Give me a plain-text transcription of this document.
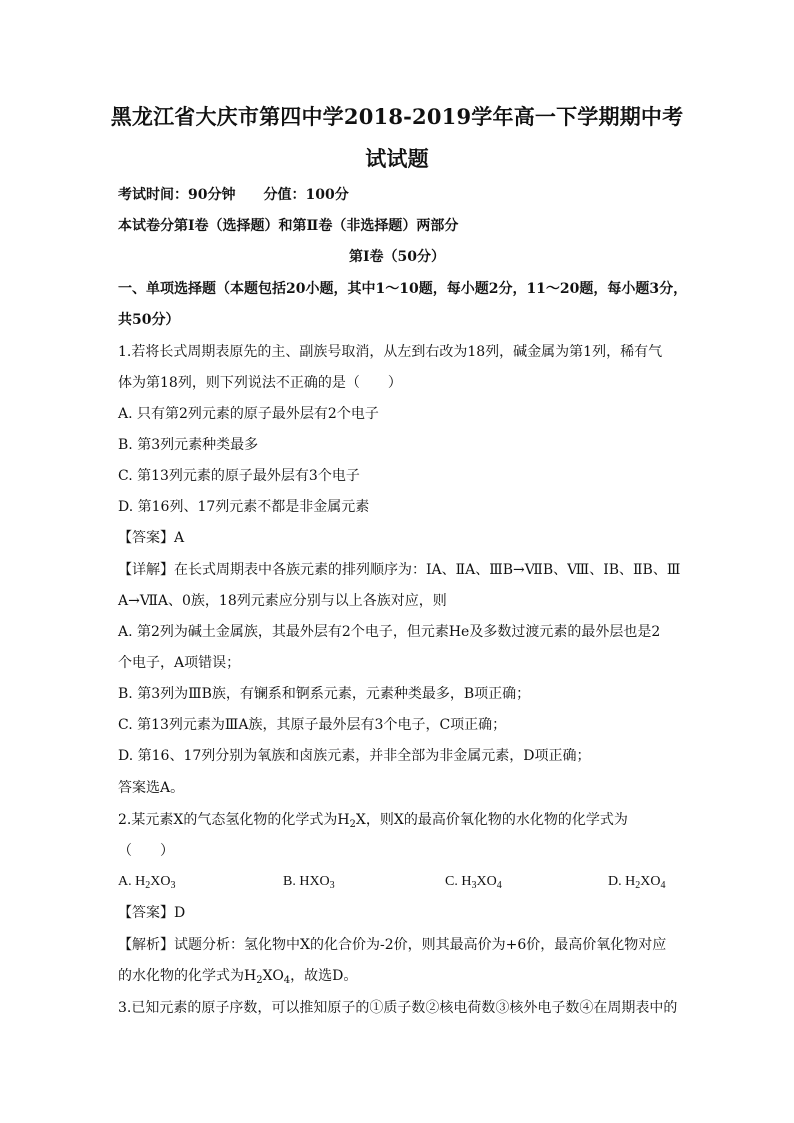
黑龙江省大庆市第四中学2018-2019学年高一下学期期中考
试试题
考试时间：90分钟　　分值：100分
本试卷分第Ⅰ卷（选择题）和第Ⅱ卷（非选择题）两部分
第Ⅰ卷（50分）
一、单项选择题（本题包括20小题，其中1～10题，每小题2分，11～20题，每小题3分，
共50分）
1.若将长式周期表原先的主、副族号取消，从左到右改为18列，碱金属为第1列，稀有气
体为第18列，则下列说法不正确的是（　　）
A. 只有第2列元素的原子最外层有2个电子
B. 第3列元素种类最多
C. 第13列元素的原子最外层有3个电子
D. 第16列、17列元素不都是非金属元素
【答案】A
【详解】在长式周期表中各族元素的排列顺序为：ⅠA、ⅡA、ⅢB→ⅦB、Ⅷ、ⅠB、ⅡB、Ⅲ
A→ⅦA、0族，18列元素应分别与以上各族对应，则
A. 第2列为碱土金属族，其最外层有2个电子，但元素He及多数过渡元素的最外层也是2
个电子，A项错误；
B. 第3列为ⅢB族，有镧系和锕系元素，元素种类最多，B项正确；
C. 第13列元素为ⅢA族，其原子最外层有3个电子，C项正确；
D. 第16、17列分别为氧族和卤族元素，并非全部为非金属元素，D项正确；
答案选A。
2.某元素X的气态氢化物的化学式为$H_2X$，则X的最高价氧化物的水化物的化学式为
（　　）
A. $H_2XO_3$	B. $HXO_3$	C. $H_3XO_4$	D. $H_2XO_4$
【答案】D
【解析】试题分析：氢化物中X的化合价为-2价，则其最高价为+6价，最高价氧化物对应
的水化物的化学式为$H_2XO_4$，故选D。
3.已知元素的原子序数，可以推知原子的①质子数②核电荷数③核外电子数④在周期表中的
